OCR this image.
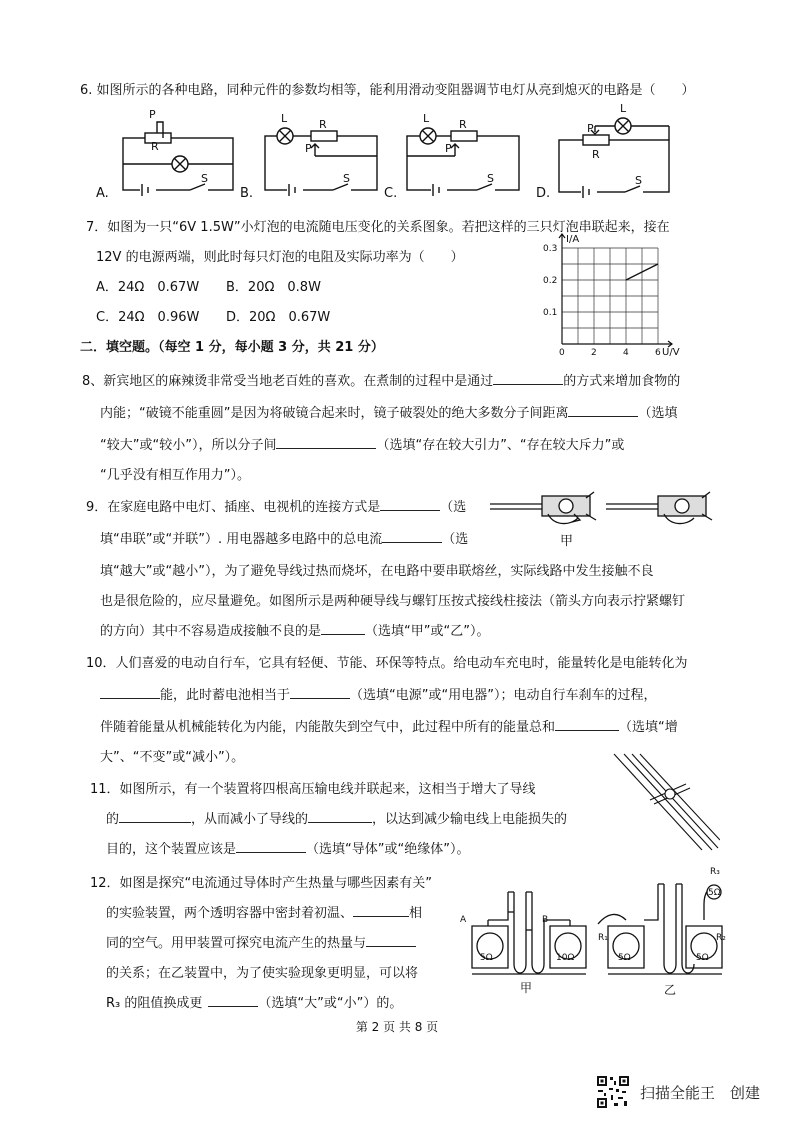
6. 如图所示的各种电路，同种元件的参数均相等，能利用滑动变阻器调节电灯从亮到熄灭的电路是（　　）
P
R
S
L	R
P
S
L	R
P
S
L
P
R
S
A.	B.	C.	D.
7．如图为一只“6V 1.5W”小灯泡的电流随电压变化的关系图象。若把这样的三只灯泡串联起来，接在
12V 的电源两端，则此时每只灯泡的电阻及实际功率为（　　）
A．24Ω　0.67W B．20Ω　0.8W
C．24Ω　0.96W D．20Ω　0.67W
0	2	4	6
0.1
0.2
0.3
I/A
U/V
二．填空题。（每空 1 分，每小题 3 分，共 21 分）
8、新宾地区的麻辣烫非常受当地老百姓的喜欢。在煮制的过程中是通过	的方式来增加食物的
内能；“破镜不能重圆”是因为将破镜合起来时，镜子破裂处的绝大多数分子间距离	（选填
“较大”或“较小”），所以分子间	（选填“存在较大引力”、“存在较大斥力”或
“几乎没有相互作用力”）。
9．在家庭电路中电灯、插座、电视机的连接方式是	（选
填“串联”或“并联”）. 用电器越多电路中的总电流	（选
填“越大”或“越小”），为了避免导线过热而烧坏，在电路中要串联熔丝，实际线路中发生接触不良
也是很危险的，应尽量避免。如图所示是两种硬导线与螺钉压按式接线柱接法（箭头方向表示拧紧螺钉
的方向）其中不容易造成接触不良的是	（选填“甲”或“乙”）。
甲
10．人们喜爱的电动自行车，它具有轻便、节能、环保等特点。给电动车充电时，能量转化是电能转化为
能，此时蓄电池相当于	（选填“电源”或“用电器”）；电动自行车刹车的过程，
伴随着能量从机械能转化为内能，内能散失到空气中，此过程中所有的能量总和	（选填“增
大”、“不变”或“减小”）。
11．如图所示，有一个装置将四根高压输电线并联起来，这相当于增大了导线
的	，从而减小了导线的	，以达到减少输电线上电能损失的
目的，这个装置应该是	（选填“导体”或“绝缘体”）。
12．如图是探究“电流通过导体时产生热量与哪些因素有关”
的实验装置，两个透明容器中密封着初温、	相
同的空气。用甲装置可探究电流产生的热量与
的关系；在乙装置中，为了使实验现象更明显，可以将
R₃ 的阻值换成更	（选填“大”或“小”）的。
A	B
5Ω	10Ω
R₁	R₂
R₃
5Ω	5Ω
5Ω
甲	乙
第 2 页 共 8 页
扫描全能王　创建
